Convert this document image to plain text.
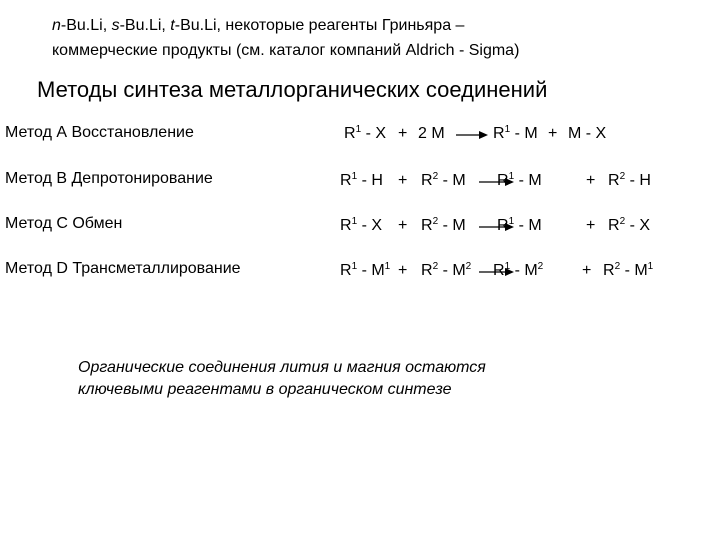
n-Bu.Li, s-Bu.Li, t-Bu.Li, некоторые реагенты Гриньяра –
коммерческие продукты (см. каталог компаний Aldrich - Sigma)
Методы синтеза металлорганических соединений
Метод А Восстановление
Метод B Депротонирование
Метод C Обмен
Метод D Трансметаллирование
$R^1 - X + 2$ $M \to R^1 - M + M - X$
$R^1 - H + R^2 - M$ →
$R^1$ - M	+ $R^2$ - H
$R^1 - X + R^2 - M$ →
$R^1$ - M	+ $R^2$ - X
$R^1 - M^1 + R^2 - M^2$ →
$R^1 - M^2 + R^2 - M^1$
Органические соединения лития и магния остаются
ключевыми реагентами в органическом синтезе
